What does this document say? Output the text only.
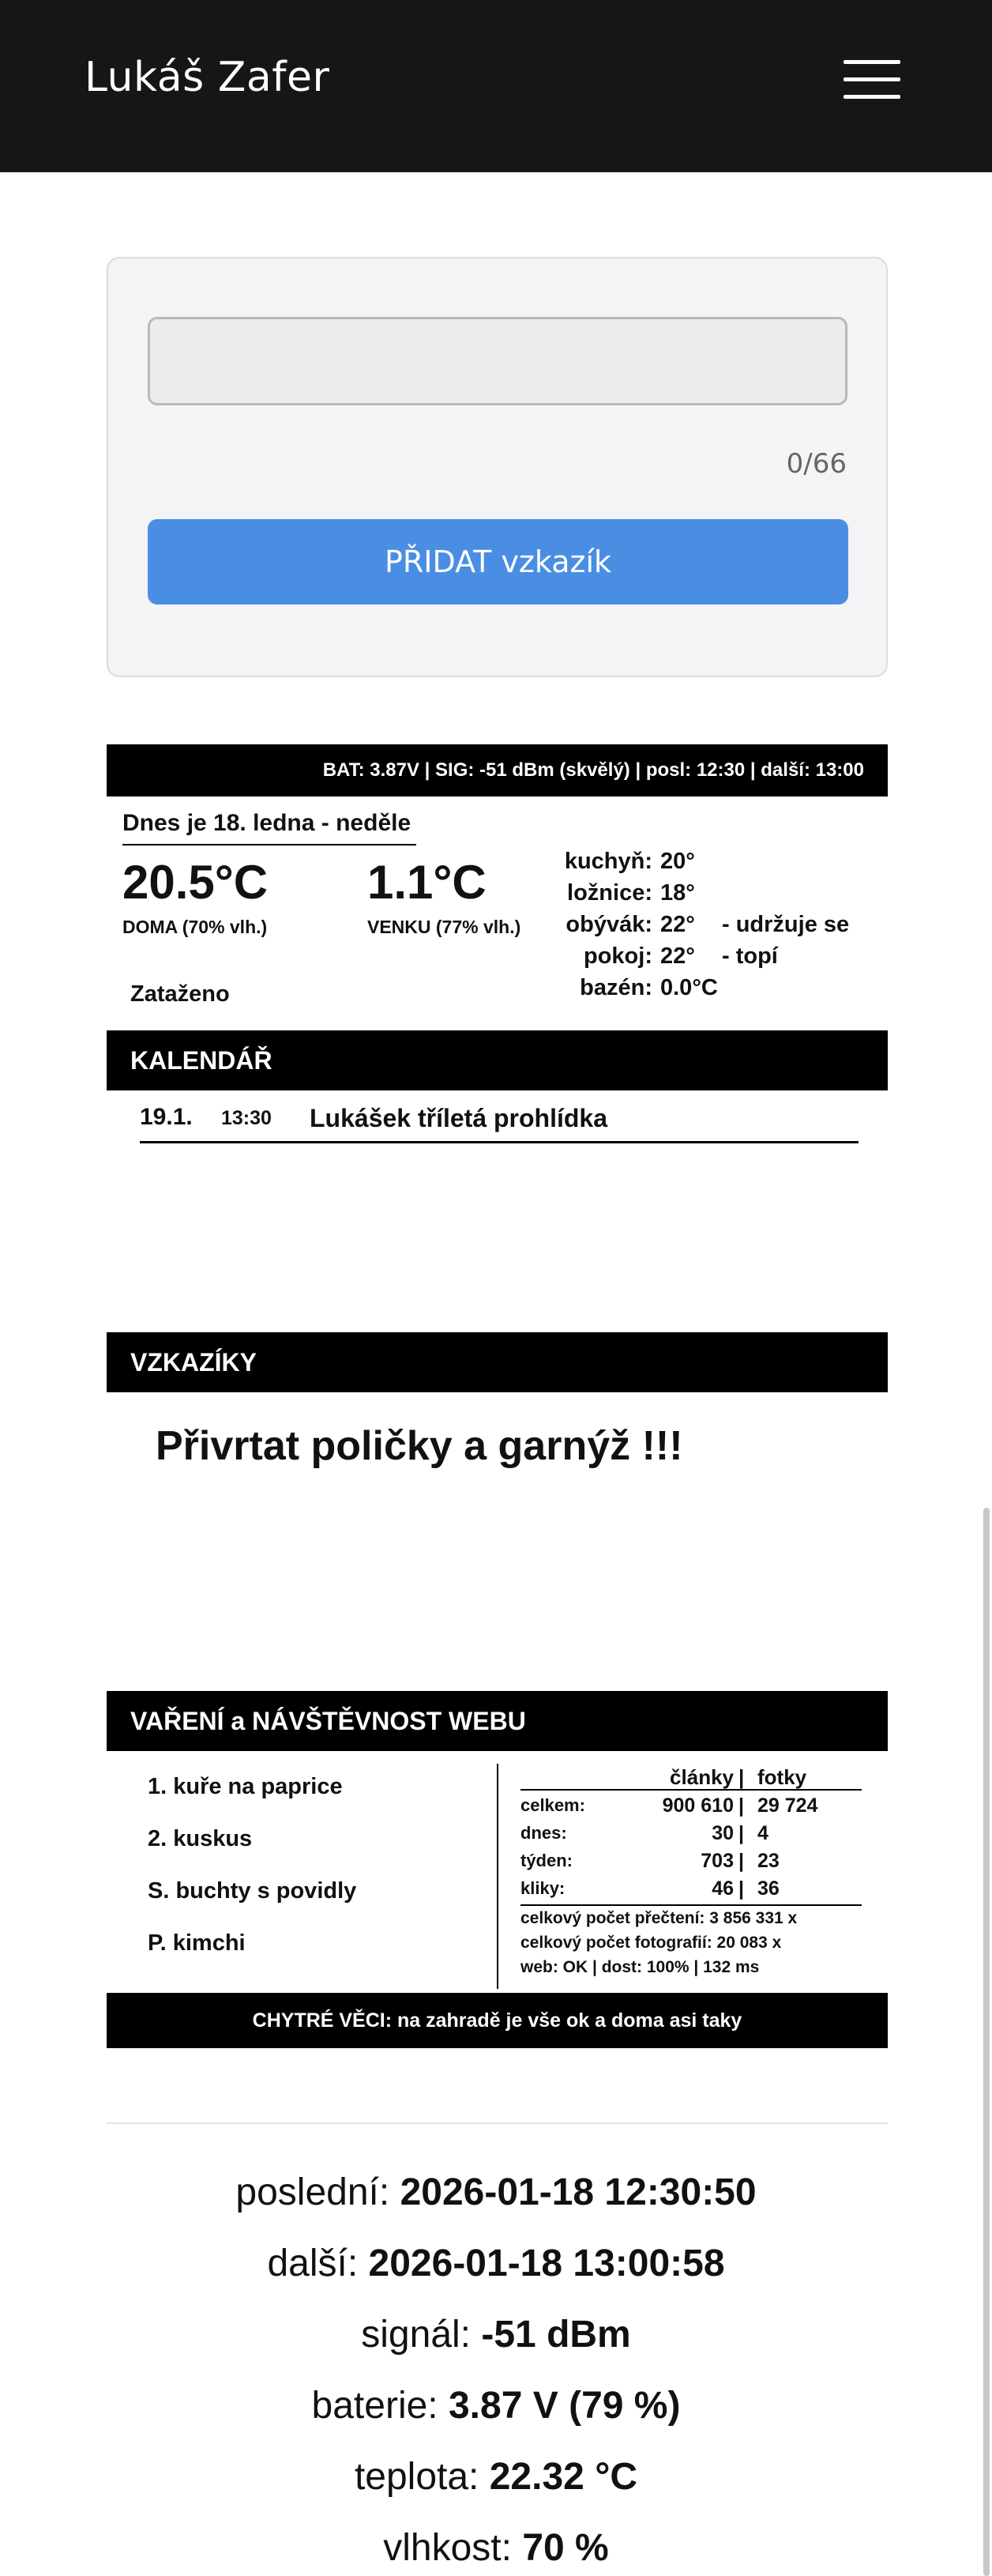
Lukáš Zafer
0/66
PŘIDAT vzkazík
BAT: 3.87V | SIG: -51 dBm (skvělý) | posl: 12:30 | další: 13:00
Dnes je 18. ledna - neděle
20.5°C
DOMA (70% vlh.)
1.1°C
VENKU (77% vlh.)
kuchyň: 20°
ložnice: 18°
obývák: 22°	- udržuje se
pokoj: 22°	- topí
bazén: 0.0°C
Zataženo
KALENDÁŘ
19.1. 13:30 Lukášek tříletá prohlídka
VZKAZÍKY
Přivrtat poličky a garnýž !!!
VAŘENÍ a NÁVŠTĚVNOST WEBU
1. kuře na paprice
2. kuskus
S. buchty s povidly
P. kimchi
články | fotky
celkem:	900 610 | 29 724
dnes:	30 | 4
týden:	703 | 23
kliky:	46 | 36
celkový počet přečtení: 3 856 331 x
celkový počet fotografií: 20 083 x
web: OK | dost: 100% | 132 ms
CHYTRÉ VĚCI: na zahradě je vše ok a doma asi taky
poslední: 2026-01-18 12:30:50
další: 2026-01-18 13:00:58
signál: -51 dBm
baterie: 3.87 V (79 %)
teplota: 22.32 °C
vlhkost: 70 %
